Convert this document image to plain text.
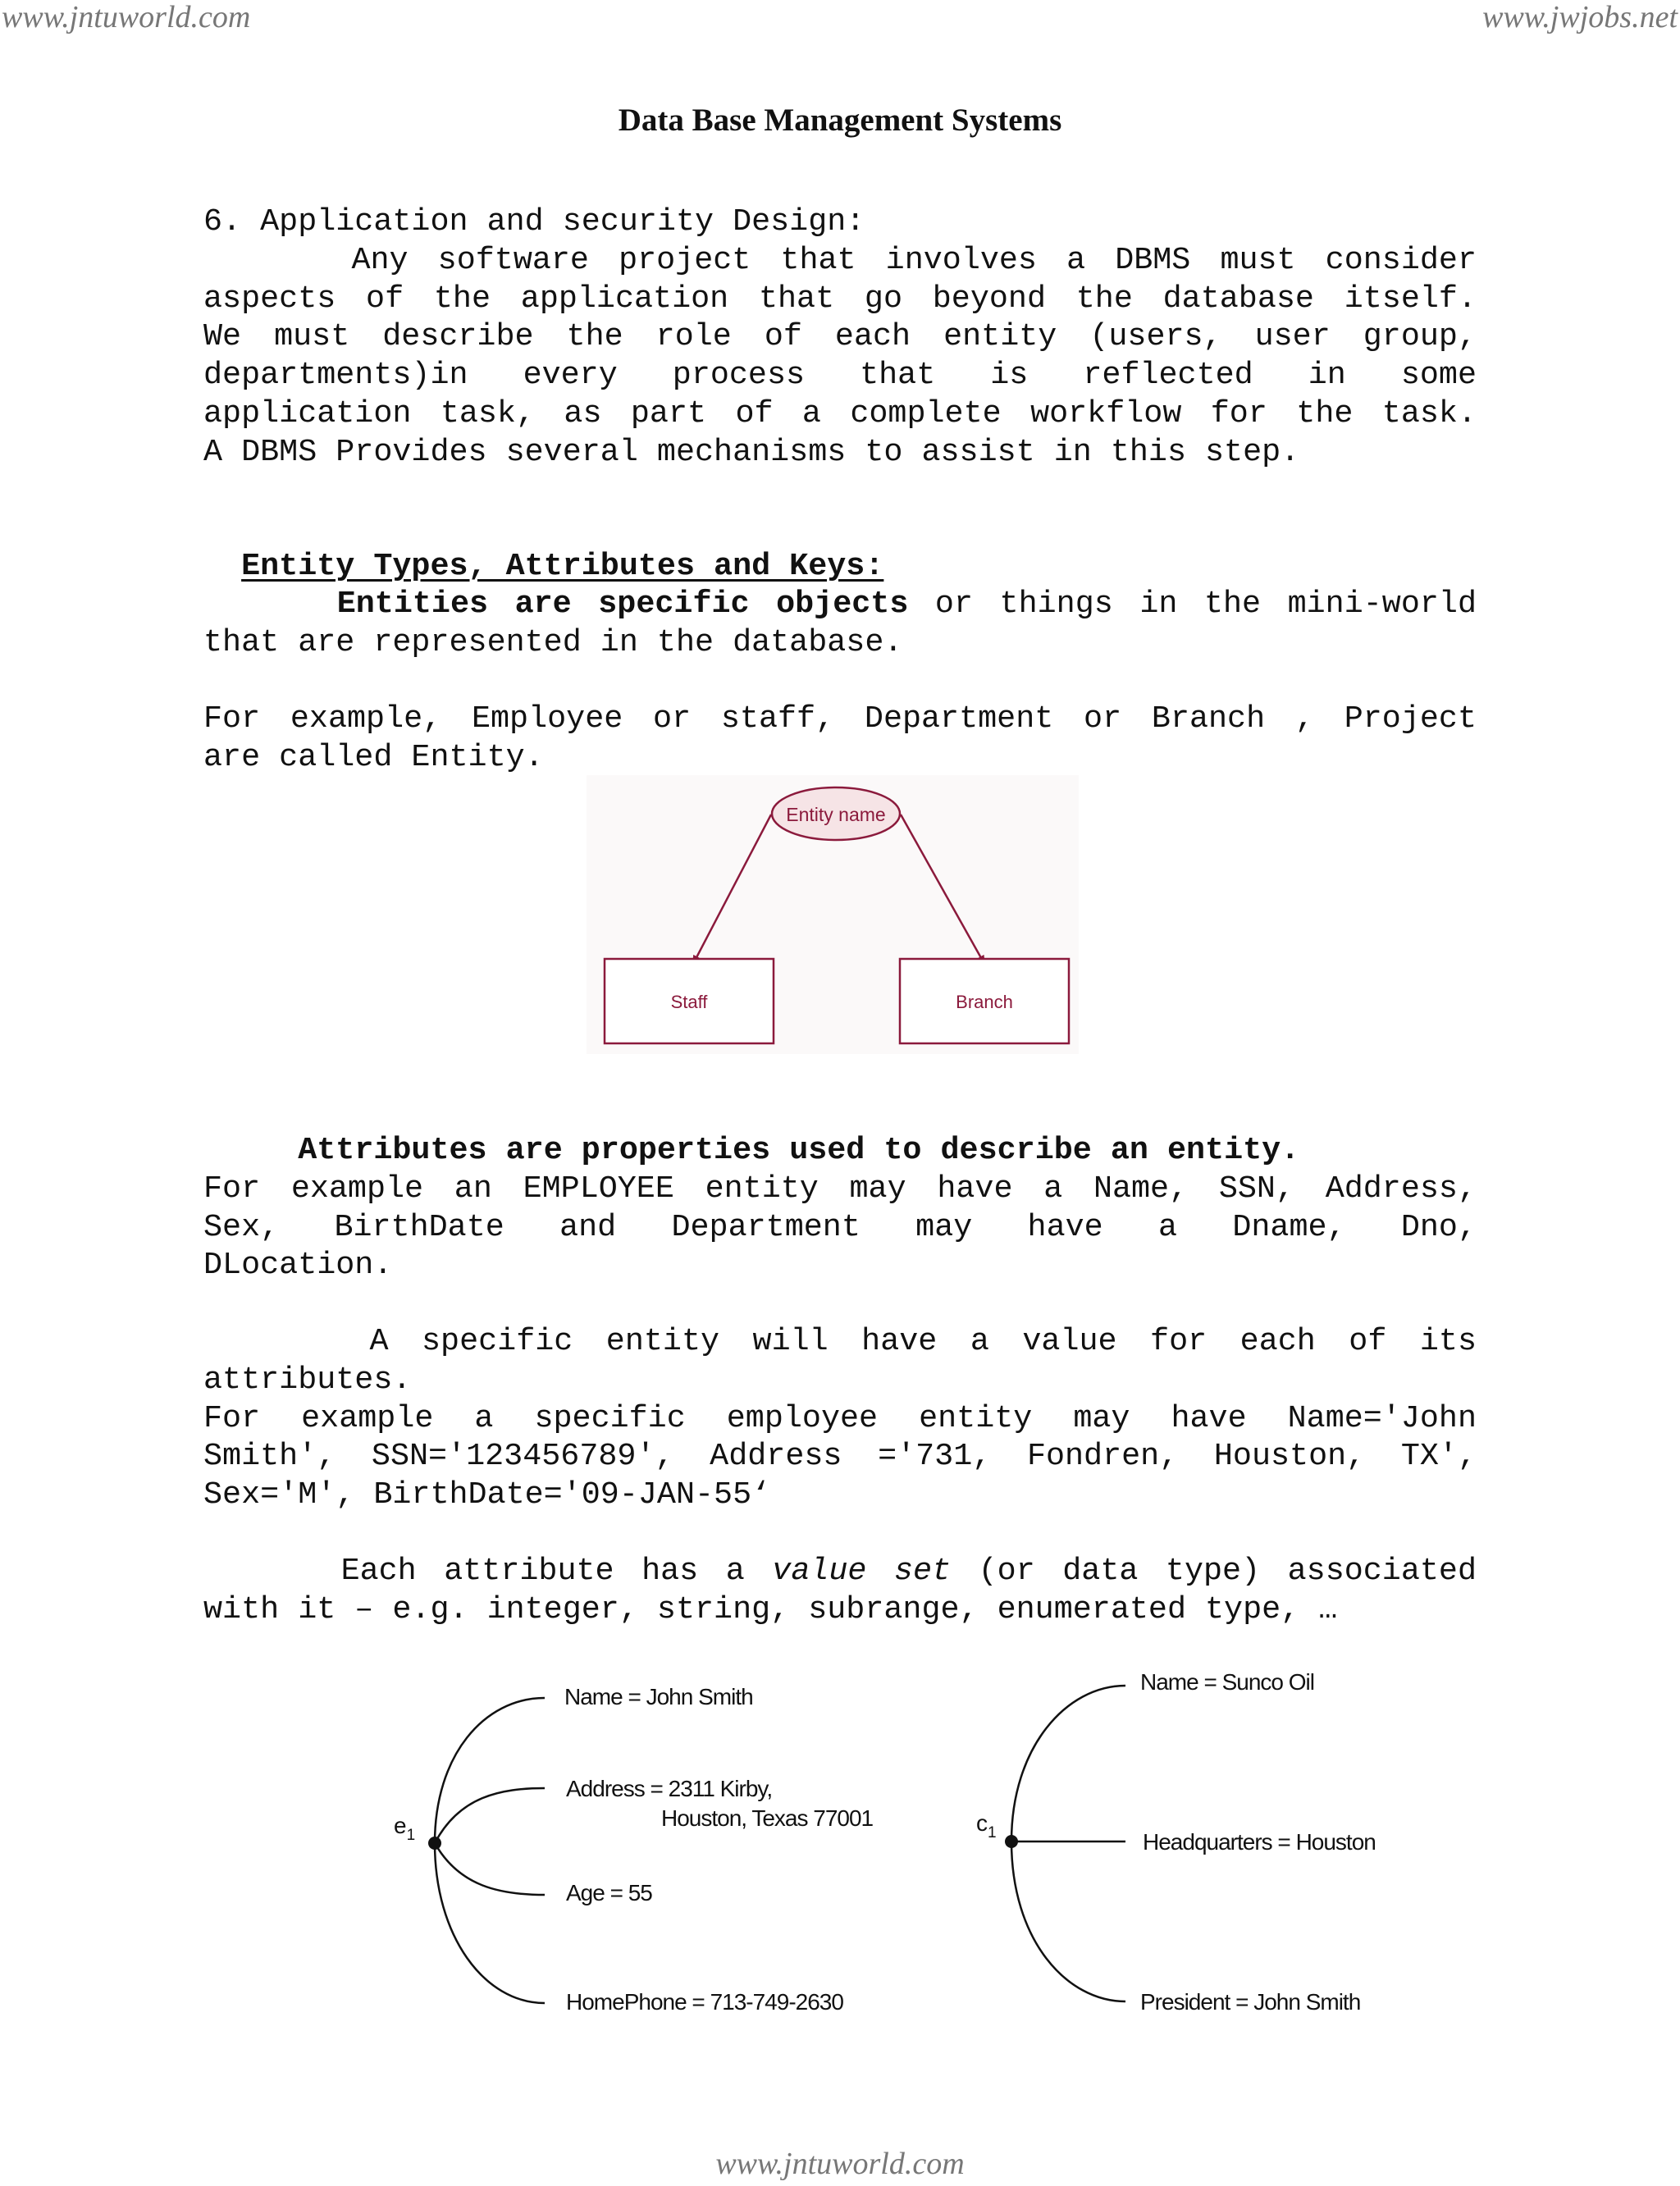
www.jntuworld.com	www.jwjobs.net
Data Base Management Systems
6. Application and security Design:
Any software project that involves a DBMS must consider
aspects of the application that go beyond the database itself.
We must describe the role of each entity (users, user group,
departments)in every process that is reflected in some
application task, as part of a complete workflow for the task.
A DBMS Provides several mechanisms to assist in this step.

Entity Types, Attributes and Keys:

Entities are specific objects or things in the mini-world
that are represented in the database.
For example, Employee or staff, Department or Branch , Project
are called Entity.
Entity name
Staff	Branch
Attributes are properties used to describe an entity.
For example an EMPLOYEE entity may have a Name, SSN, Address,
Sex, BirthDate and Department may have a Dname, Dno,
DLocation.
A specific entity will have a value for each of its
attributes.
For example a specific employee entity may have Name='John
Smith', SSN='123456789', Address ='731, Fondren, Houston, TX',
Sex='M', BirthDate='09-JAN-55‘
Each attribute has a value set (or data type) associated
with it – e.g. integer, string, subrange, enumerated type, …
$e_1$	$c_1$
Name = John Smith
Address = 2311 Kirby,
Houston, Texas 77001
Age = 55
HomePhone = 713-749-2630
Name = Sunco Oil
Headquarters = Houston
President = John Smith
www.jntuworld.com
